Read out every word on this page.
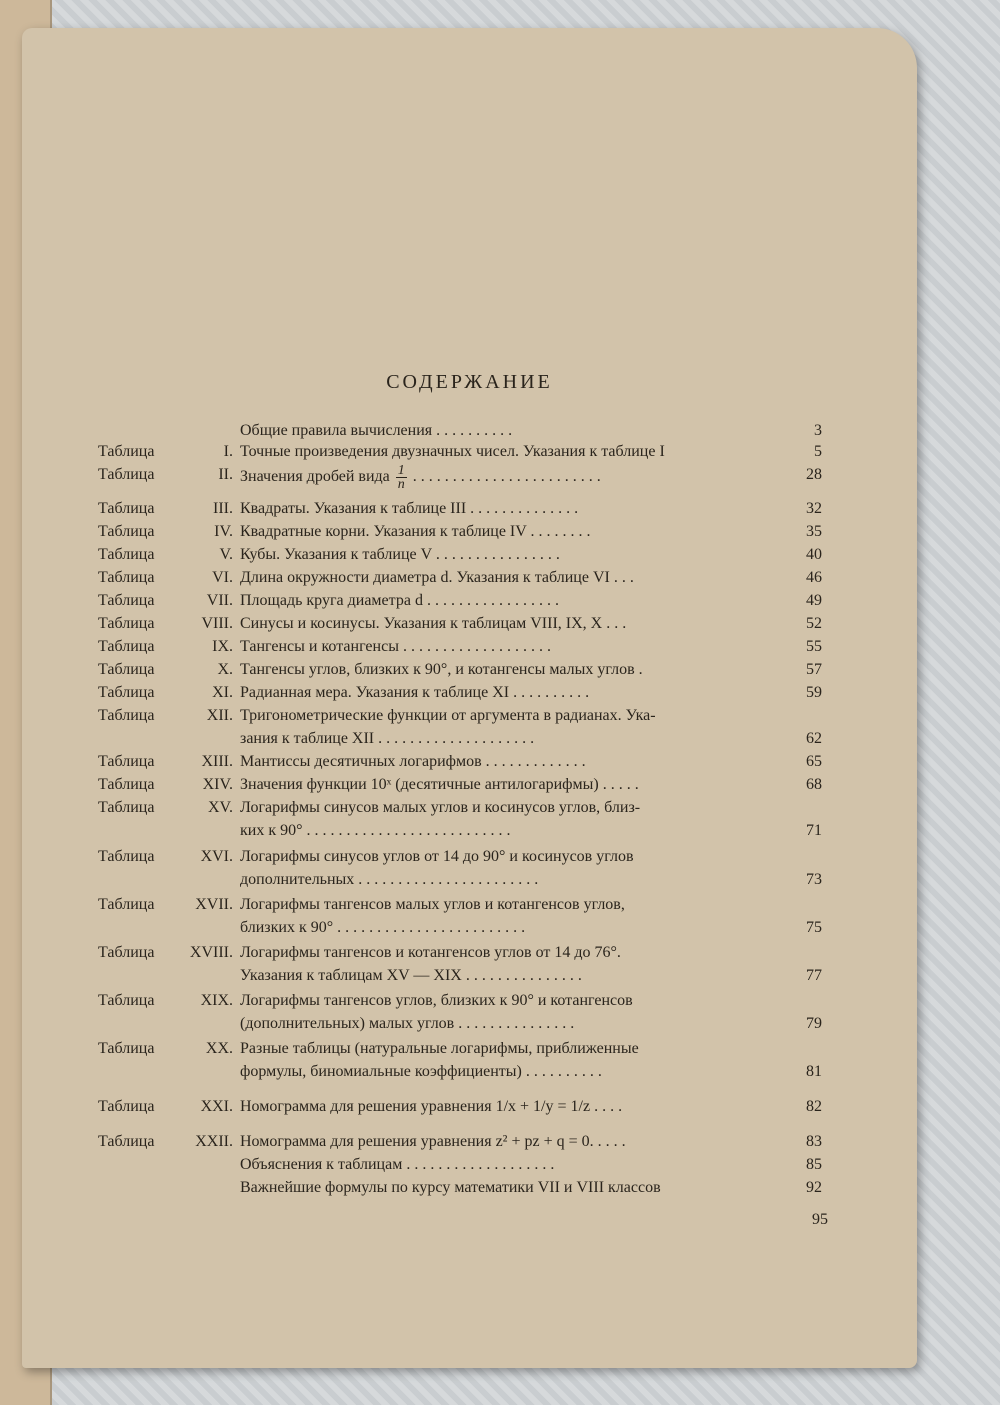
СОДЕРЖАНИЕ
Общие правила вычисления . . . . . . . . . .	3
Таблица	I. Точные произведения двузначных чисел. Указания к таблице I	5
Таблица	II. Значения дробей вида $\frac{1}{n}$ . . . . . . . . . . . . . . . . . . . . . . . .	28
Таблица	III. Квадраты. Указания к таблице III . . . . . . . . . . . . . .	32
Таблица	IV. Квадратные корни. Указания к таблице IV . . . . . . . .	35
Таблица	V. Кубы. Указания к таблице V . . . . . . . . . . . . . . . .	40
Таблица	VI. Длина окружности диаметра d. Указания к таблице VI . . .	46
Таблица	VII. Площадь круга диаметра d . . . . . . . . . . . . . . . . .	49
Таблица	VIII. Синусы и косинусы. Указания к таблицам VIII, IX, X . . .	52
Таблица	IX. Тангенсы и котангенсы . . . . . . . . . . . . . . . . . . .	55
Таблица	X. Тангенсы углов, близких к 90°, и котангенсы малых углов .	57
Таблица	XI. Радианная мера. Указания к таблице XI . . . . . . . . . .	59
Таблица	XII. Тригонометрические функции от аргумента в радианах. Ука-
зания к таблице XII . . . . . . . . . . . . . . . . . . . .	62
Таблица	XIII. Мантиссы десятичных логарифмов . . . . . . . . . . . . .	65
Таблица	XIV. Значения функции 10ˣ (десятичные антилогарифмы) . . . . .	68
Таблица	XV. Логарифмы синусов малых углов и косинусов углов, близ-
ких к 90° . . . . . . . . . . . . . . . . . . . . . . . . . .	71
Таблица	XVI. Логарифмы синусов углов от 14 до 90° и косинусов углов
дополнительных . . . . . . . . . . . . . . . . . . . . . . .	73
Таблица	XVII. Логарифмы тангенсов малых углов и котангенсов углов,
близких к 90° . . . . . . . . . . . . . . . . . . . . . . . .	75
Таблица	XVIII. Логарифмы тангенсов и котангенсов углов от 14 до 76°.
Указания к таблицам XV — XIX . . . . . . . . . . . . . . .	77
Таблица	XIX. Логарифмы тангенсов углов, близких к 90° и котангенсов
(дополнительных) малых углов . . . . . . . . . . . . . . .	79
Таблица	XX. Разные таблицы (натуральные логарифмы, приближенные
формулы, биномиальные коэффициенты) . . . . . . . . . .	81
Таблица	XXI. Номограмма для решения уравнения 1/x + 1/y = 1/z . . . .	82
Таблица	XXII. Номограмма для решения уравнения z² + pz + q = 0. . . . .	83
Объяснения к таблицам . . . . . . . . . . . . . . . . . . .	85
Важнейшие формулы по курсу математики VII и VIII классов	92
95
